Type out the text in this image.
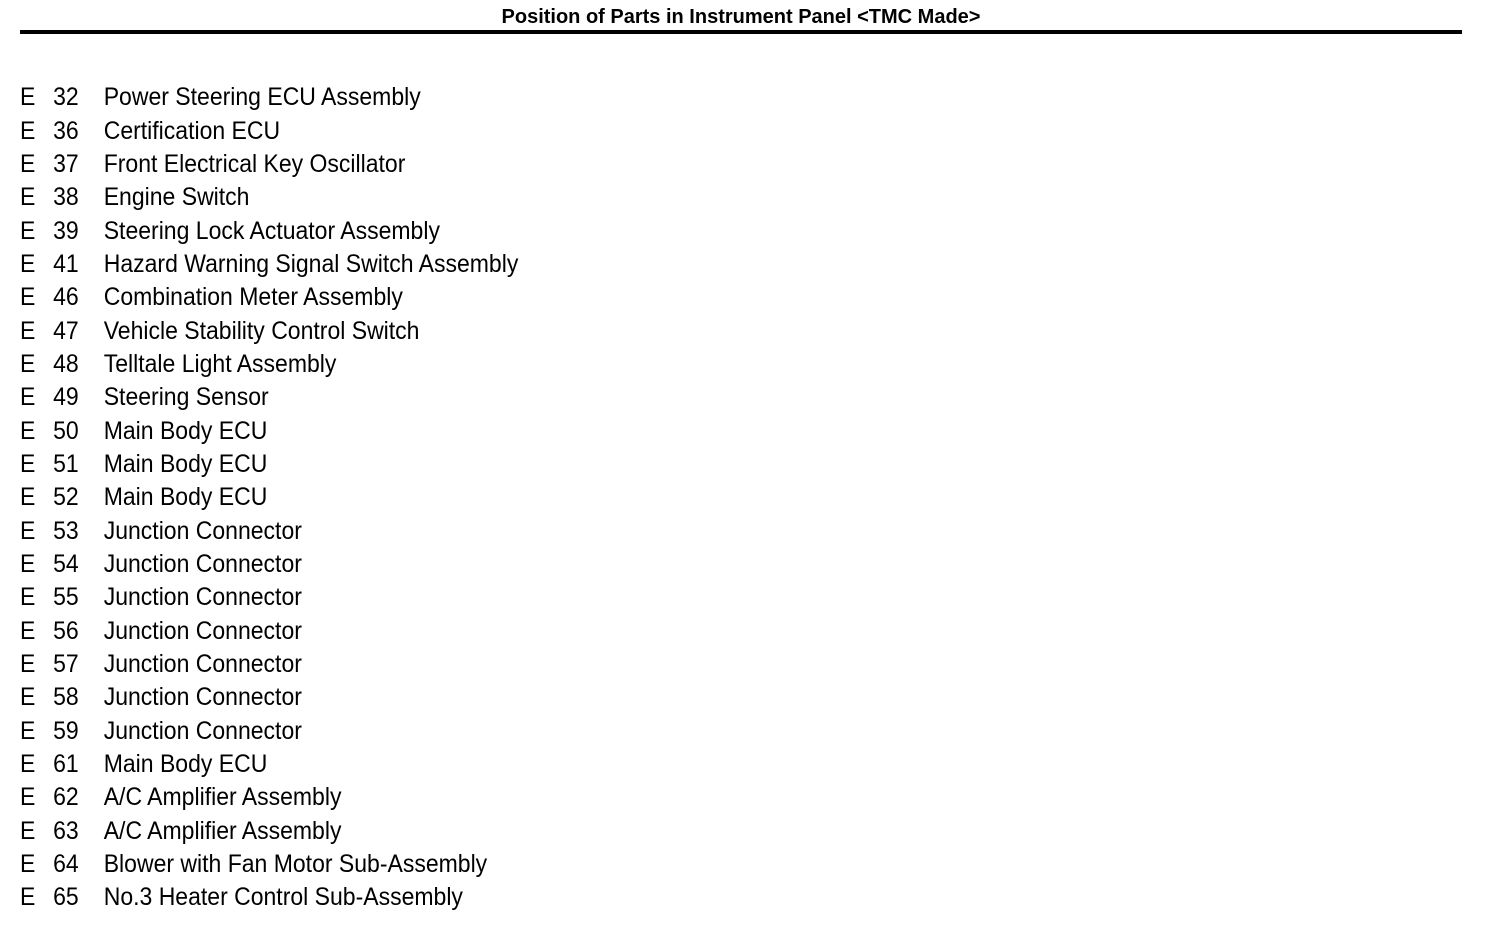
Position of Parts in Instrument Panel <TMC Made>
E 32	Power Steering ECU Assembly
E 36	Certification ECU
E 37	Front Electrical Key Oscillator
E 38	Engine Switch
E 39	Steering Lock Actuator Assembly
E 41	Hazard Warning Signal Switch Assembly
E 46	Combination Meter Assembly
E 47	Vehicle Stability Control Switch
E 48	Telltale Light Assembly
E 49	Steering Sensor
E 50	Main Body ECU
E 51	Main Body ECU
E 52	Main Body ECU
E 53	Junction Connector
E 54	Junction Connector
E 55	Junction Connector
E 56	Junction Connector
E 57	Junction Connector
E 58	Junction Connector
E 59	Junction Connector
E 61	Main Body ECU
E 62	A/C Amplifier Assembly
E 63	A/C Amplifier Assembly
E 64	Blower with Fan Motor Sub-Assembly
E 65	No.3 Heater Control Sub-Assembly
